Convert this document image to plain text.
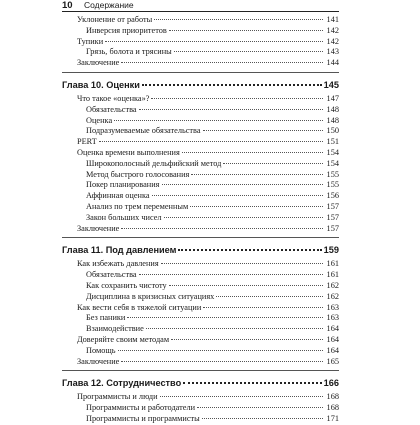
10 Содержание
Уклонение от работы	141
Инверсия приоритетов	142
Тупики	142
Грязь, болота и трясины	143
Заключение	144
Глава 10. Оценки	145
Что такое «оценка»?	147
Обязательства	148
Оценка	148
Подразумеваемые обязательства	150
PERT	151
Оценка времени выполнения	154
Широкополосный дельфийский метод	154
Метод быстрого голосования	155
Покер планирования	155
Аффинная оценка	156
Анализ по трем переменным	157
Закон больших чисел	157
Заключение	157
Глава 11. Под давлением	159
Как избежать давления	161
Обязательства	161
Как сохранить чистоту	162
Дисциплина в кризисных ситуациях	162
Как вести себя в тяжелой ситуации	163
Без паники	163
Взаимодействие	164
Доверяйте своим методам	164
Помощь	164
Заключение	165
Глава 12. Сотрудничество	166
Программисты и люди	168
Программисты и работодатели	168
Программисты и программисты	171
